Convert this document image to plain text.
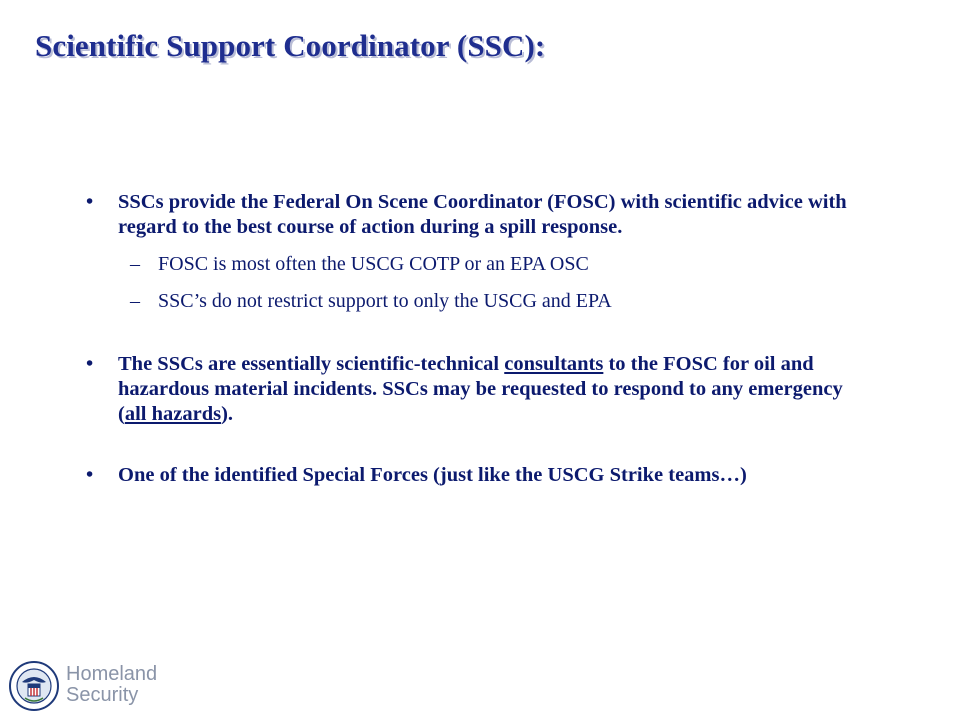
Scientific Support Coordinator (SSC):
• SSCs provide the Federal On Scene Coordinator (FOSC) with scientific advice with regard to the best course of action during a spill response.
– FOSC is most often the USCG COTP or an EPA OSC
– SSC’s do not restrict support to only the USCG and EPA
• The SSCs are essentially scientific-technical consultants to the FOSC for oil and hazardous material incidents. SSCs may be requested to respond to any emergency (all hazards).
• One of the identified Special Forces (just like the USCG Strike teams…)
Homeland
Security
